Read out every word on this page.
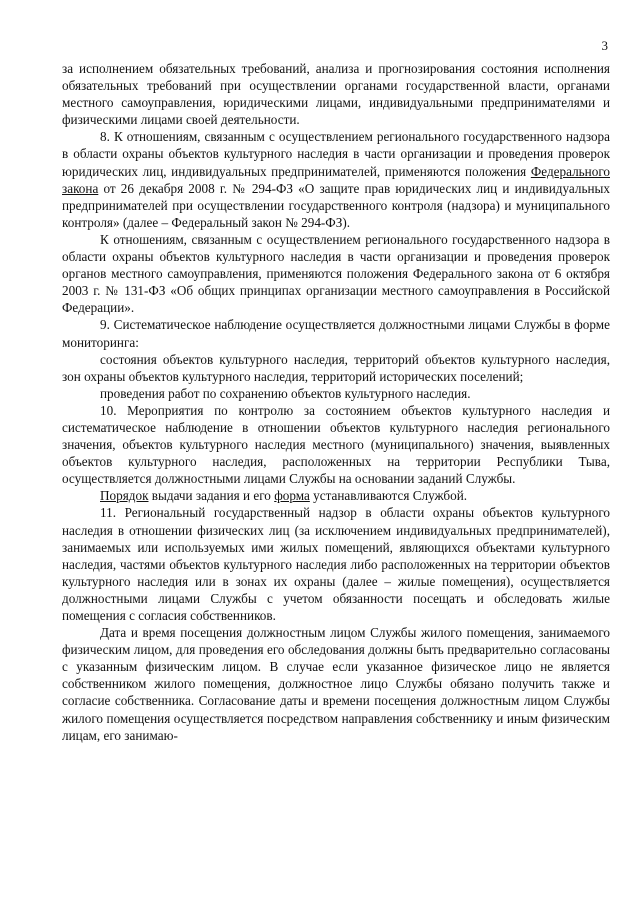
3

за исполнением обязательных требований, анализа и прогнозирования состояния исполнения обязательных требований при осуществлении органами государственной власти, органами местного самоуправления, юридическими лицами, индивидуальными предпринимателями и физическими лицами своей деятельности.

8. К отношениям, связанным с осуществлением регионального государственного надзора в области охраны объектов культурного наследия в части организации и проведения проверок юридических лиц, индивидуальных предпринимателей, применяются положения Федерального закона от 26 декабря 2008 г. № 294-ФЗ «О защите прав юридических лиц и индивидуальных предпринимателей при осуществлении государственного контроля (надзора) и муниципального контроля» (далее – Федеральный закон № 294-ФЗ).

К отношениям, связанным с осуществлением регионального государственного надзора в области охраны объектов культурного наследия в части организации и проведения проверок органов местного самоуправления, применяются положения Федерального закона от 6 октября 2003 г. № 131-ФЗ «Об общих принципах организации местного самоуправления в Российской Федерации».

9. Систематическое наблюдение осуществляется должностными лицами Службы в форме мониторинга:

состояния объектов культурного наследия, территорий объектов культурного наследия, зон охраны объектов культурного наследия, территорий исторических поселений;

проведения работ по сохранению объектов культурного наследия.

10. Мероприятия по контролю за состоянием объектов культурного наследия и систематическое наблюдение в отношении объектов культурного наследия регионального значения, объектов культурного наследия местного (муниципального) значения, выявленных объектов культурного наследия, расположенных на территории Республики Тыва, осуществляется должностными лицами Службы на основании заданий Службы.

Порядок выдачи задания и его форма устанавливаются Службой.

11. Региональный государственный надзор в области охраны объектов культурного наследия в отношении физических лиц (за исключением индивидуальных предпринимателей), занимаемых или используемых ими жилых помещений, являющихся объектами культурного наследия, частями объектов культурного наследия либо расположенных на территории объектов культурного наследия или в зонах их охраны (далее – жилые помещения), осуществляется должностными лицами Службы с учетом обязанности посещать и обследовать жилые помещения с согласия собственников.

Дата и время посещения должностным лицом Службы жилого помещения, занимаемого физическим лицом, для проведения его обследования должны быть предварительно согласованы с указанным физическим лицом. В случае если указанное физическое лицо не является собственником жилого помещения, должностное лицо Службы обязано получить также и согласие собственника. Согласование даты и времени посещения должностным лицом Службы жилого помещения осуществляется посредством направления собственнику и иным физическим лицам, его занимаю-
